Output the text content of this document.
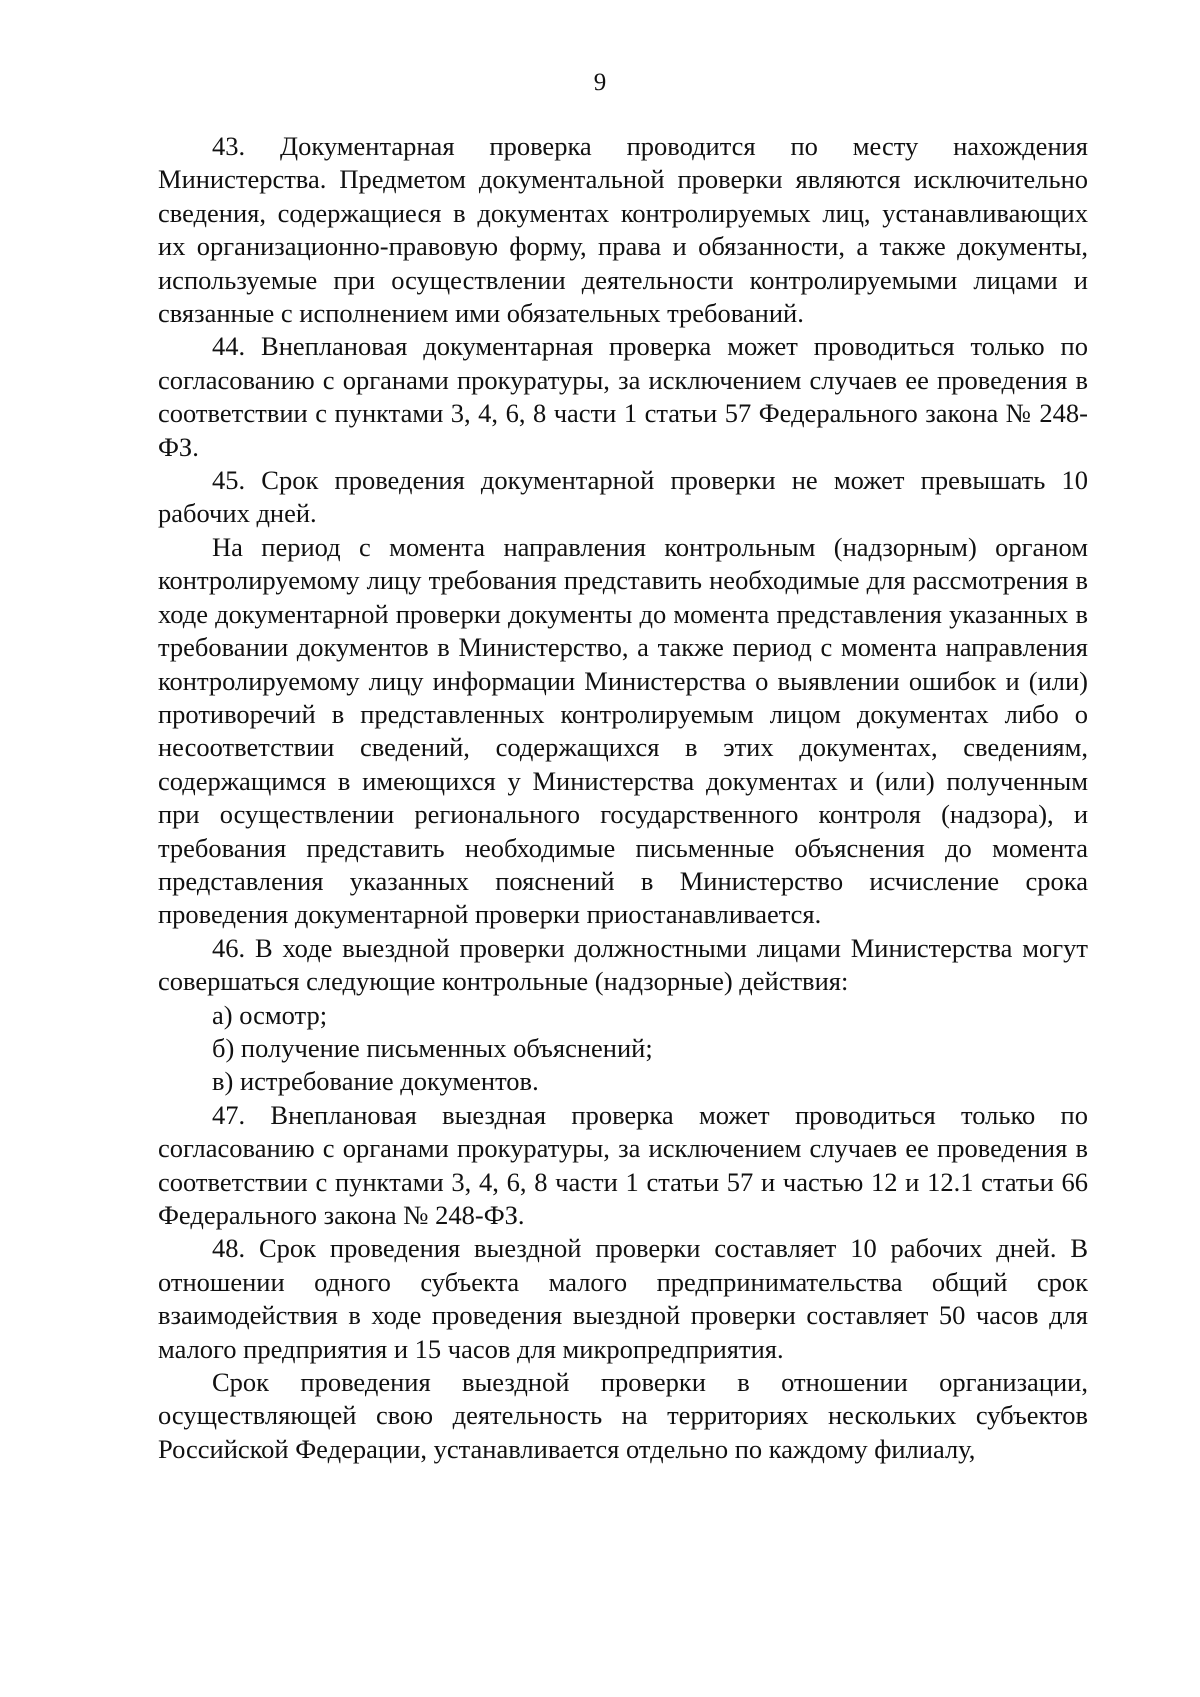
9

43. Документарная проверка проводится по месту нахождения Министерства. Предметом документальной проверки являются исключительно сведения, содержащиеся в документах контролируемых лиц, устанавливающих их организационно-правовую форму, права и обязанности, а также документы, используемые при осуществлении деятельности контролируемыми лицами и связанные с исполнением ими обязательных требований.

44. Внеплановая документарная проверка может проводиться только по согласованию с органами прокуратуры, за исключением случаев ее проведения в соответствии с пунктами 3, 4, 6, 8 части 1 статьи 57 Федерального закона № 248-ФЗ.

45. Срок проведения документарной проверки не может превышать 10 рабочих дней.

На период с момента направления контрольным (надзорным) органом контролируемому лицу требования представить необходимые для рассмотрения в ходе документарной проверки документы до момента представления указанных в требовании документов в Министерство, а также период с момента направления контролируемому лицу информации Министерства о выявлении ошибок и (или) противоречий в представленных контролируемым лицом документах либо о несоответствии сведений, содержащихся в этих документах, сведениям, содержащимся в имеющихся у Министерства документах и (или) полученным при осуществлении регионального государственного контроля (надзора), и требования представить необходимые письменные объяснения до момента представления указанных пояснений в Министерство исчисление срока проведения документарной проверки приостанавливается.

46. В ходе выездной проверки должностными лицами Министерства могут совершаться следующие контрольные (надзорные) действия:

а) осмотр;

б) получение письменных объяснений;

в) истребование документов.

47. Внеплановая выездная проверка может проводиться только по согласованию с органами прокуратуры, за исключением случаев ее проведения в соответствии с пунктами 3, 4, 6, 8 части 1 статьи 57 и частью 12 и 12.1 статьи 66 Федерального закона № 248-ФЗ.

48. Срок проведения выездной проверки составляет 10 рабочих дней. В отношении одного субъекта малого предпринимательства общий срок взаимодействия в ходе проведения выездной проверки составляет 50 часов для малого предприятия и 15 часов для микропредприятия.

Срок проведения выездной проверки в отношении организации, осуществляющей свою деятельность на территориях нескольких субъектов Российской Федерации, устанавливается отдельно по каждому филиалу,
